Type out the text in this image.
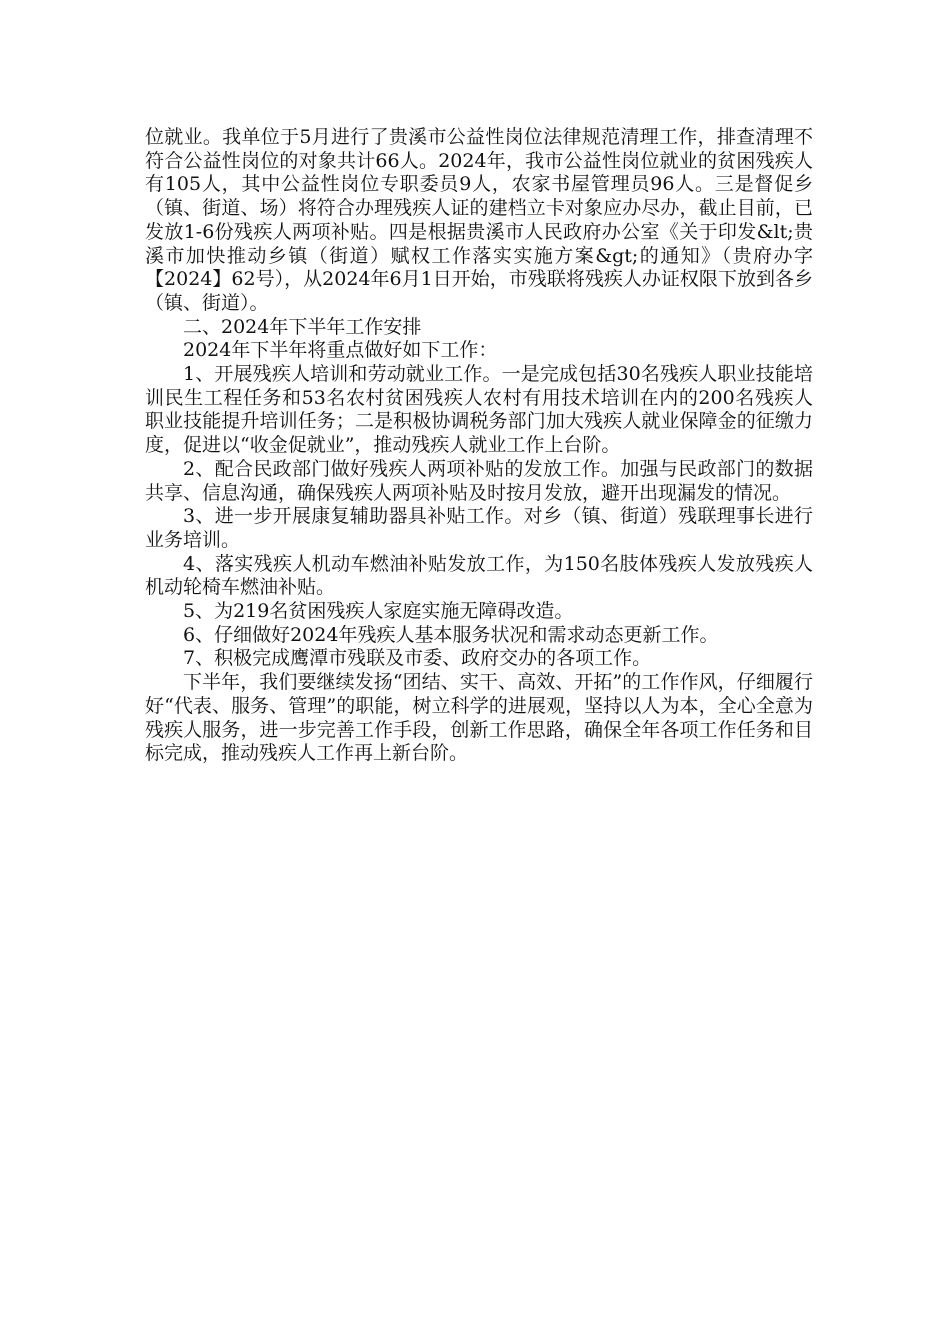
位就业。我单位于5月进行了贵溪市公益性岗位法律规范清理工作，排查清理不符合公益性岗位的对象共计66人。2024年，我市公益性岗位就业的贫困残疾人有105人，其中公益性岗位专职委员9人，农家书屋管理员96人。三是督促乡（镇、街道、场）将符合办理残疾人证的建档立卡对象应办尽办，截止目前，已发放1-6份残疾人两项补贴。四是根据贵溪市人民政府办公室《关于印发&lt;贵溪市加快推动乡镇（街道）赋权工作落实实施方案&gt;的通知》（贵府办字【2024】62号），从2024年6月1日开始，市残联将残疾人办证权限下放到各乡（镇、街道）。

二、2024年下半年工作安排

2024年下半年将重点做好如下工作：

1、开展残疾人培训和劳动就业工作。一是完成包括30名残疾人职业技能培训民生工程任务和53名农村贫困残疾人农村有用技术培训在内的200名残疾人职业技能提升培训任务；二是积极协调税务部门加大残疾人就业保障金的征缴力度，促进以“收金促就业”，推动残疾人就业工作上台阶。

2、配合民政部门做好残疾人两项补贴的发放工作。加强与民政部门的数据共享、信息沟通，确保残疾人两项补贴及时按月发放，避开出现漏发的情况。

3、进一步开展康复辅助器具补贴工作。对乡（镇、街道）残联理事长进行业务培训。

4、落实残疾人机动车燃油补贴发放工作，为150名肢体残疾人发放残疾人机动轮椅车燃油补贴。

5、为219名贫困残疾人家庭实施无障碍改造。

6、仔细做好2024年残疾人基本服务状况和需求动态更新工作。

7、积极完成鹰潭市残联及市委、政府交办的各项工作。

下半年，我们要继续发扬“团结、实干、高效、开拓”的工作作风，仔细履行好“代表、服务、管理”的职能，树立科学的进展观，坚持以人为本，全心全意为残疾人服务，进一步完善工作手段，创新工作思路，确保全年各项工作任务和目标完成，推动残疾人工作再上新台阶。
